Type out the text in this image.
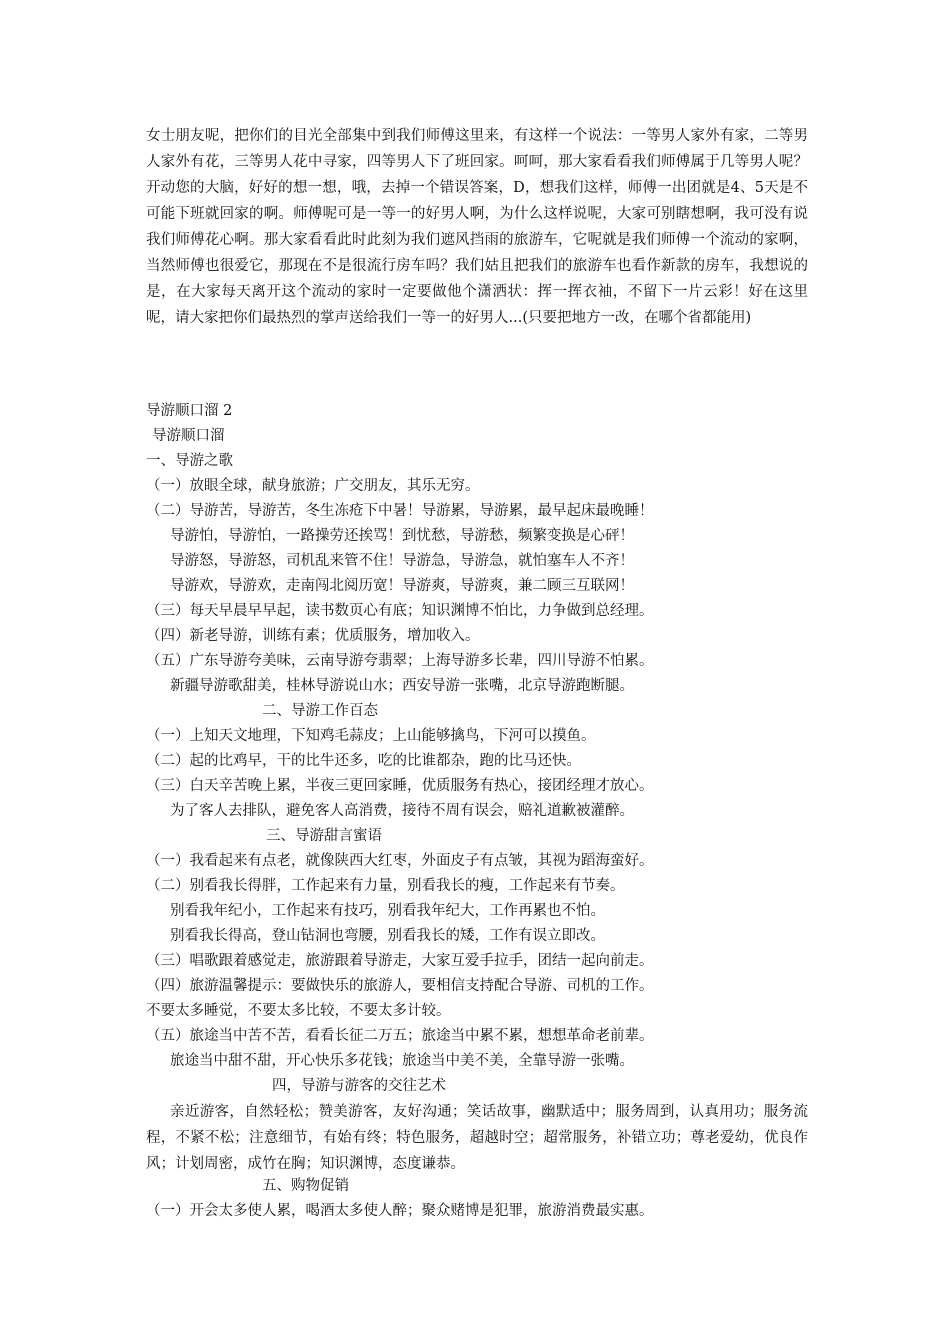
女士朋友呢，把你们的目光全部集中到我们师傅这里来，有这样一个说法：一等男人家外有家，二等男人家外有花，三等男人花中寻家，四等男人下了班回家。呵呵，那大家看看我们师傅属于几等男人呢？开动您的大脑，好好的想一想，哦，去掉一个错误答案，D，想我们这样，师傅一出团就是4、5天是不可能下班就回家的啊。师傅呢可是一等一的好男人啊，为什么这样说呢，大家可别瞎想啊，我可没有说我们师傅花心啊。那大家看看此时此刻为我们遮风挡雨的旅游车，它呢就是我们师傅一个流动的家啊，当然师傅也很爱它，那现在不是很流行房车吗？我们姑且把我们的旅游车也看作新款的房车，我想说的是，在大家每天离开这个流动的家时一定要做他个潇洒状：挥一挥衣袖，不留下一片云彩！好在这里呢，请大家把你们最热烈的掌声送给我们一等一的好男人...(只要把地方一改，在哪个省都能用)

导游顺口溜 2
导游顺口溜
一、导游之歌
（一）放眼全球，献身旅游；广交朋友，其乐无穷。
（二）导游苦，导游苦，冬生冻疮下中暑！导游累，导游累，最早起床最晚睡！
导游怕，导游怕，一路操劳还挨骂！到忧愁，导游愁，频繁变换是心砰！
导游怒，导游怒，司机乱来管不住！导游急，导游急，就怕塞车人不齐！
导游欢，导游欢，走南闯北阅历宽！导游爽，导游爽，兼二顾三互联网！
（三）每天早晨早早起，读书数页心有底；知识渊博不怕比，力争做到总经理。
（四）新老导游，训练有素；优质服务，增加收入。
（五）广东导游夸美味，云南导游夸翡翠；上海导游多长辈，四川导游不怕累。
新疆导游歌甜美，桂林导游说山水；西安导游一张嘴，北京导游跑断腿。
二、导游工作百态
（一）上知天文地理，下知鸡毛蒜皮；上山能够擒鸟，下河可以摸鱼。
（二）起的比鸡早，干的比牛还多，吃的比谁都杂，跑的比马还快。
（三）白天辛苦晚上累，半夜三更回家睡，优质服务有热心，接团经理才放心。
为了客人去排队，避免客人高消费，接待不周有误会，赔礼道歉被灌醉。
三、导游甜言蜜语
（一）我看起来有点老，就像陕西大红枣，外面皮子有点皱，其视为蹈海蛮好。
（二）别看我长得胖，工作起来有力量，别看我长的瘦，工作起来有节奏。
别看我年纪小，工作起来有技巧，别看我年纪大，工作再累也不怕。
别看我长得高，登山钻洞也弯腰，别看我长的矮，工作有误立即改。
（三）唱歌跟着感觉走，旅游跟着导游走，大家互爱手拉手，团结一起向前走。
（四）旅游温馨提示：要做快乐的旅游人，要相信支持配合导游、司机的工作。
不要太多睡觉，不要太多比较，不要太多计较。
（五）旅途当中苦不苦，看看长征二万五；旅途当中累不累，想想革命老前辈。
旅途当中甜不甜，开心快乐多花钱；旅途当中美不美，全靠导游一张嘴。
四，导游与游客的交往艺术

亲近游客，自然轻松；赞美游客，友好沟通；笑话故事，幽默适中；服务周到，认真用功；服务流程，不紧不松；注意细节，有始有终；特色服务，超越时空；超常服务，补错立功；尊老爱幼，优良作风；计划周密，成竹在胸；知识渊博，态度谦恭。

五、购物促销
（一）开会太多使人累，喝酒太多使人醉；聚众赌博是犯罪，旅游消费最实惠。
